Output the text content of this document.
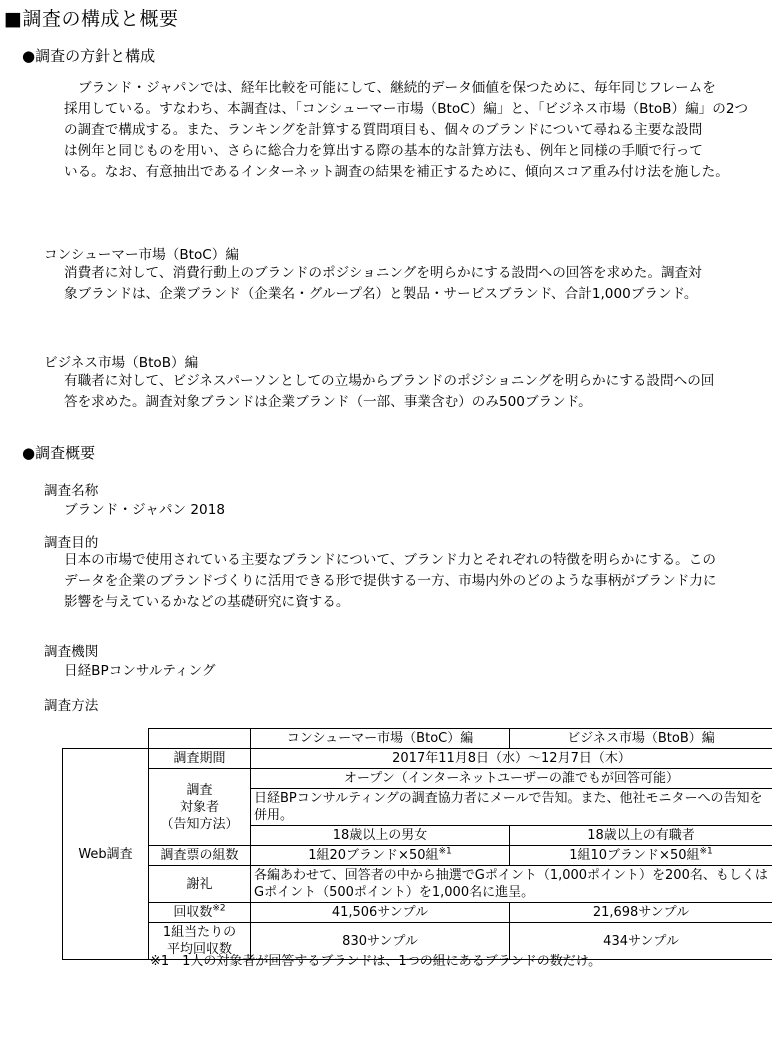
■調査の構成と概要
●調査の方針と構成
ブランド・ジャパンでは、経年比較を可能にして、継続的データ価値を保つために、毎年同じフレームを
採用している。すなわち、本調査は、「コンシューマー市場（BtoC）編」と、「ビジネス市場（BtoB）編」の2つ
の調査で構成する。また、ランキングを計算する質問項目も、個々のブランドについて尋ねる主要な設問
は例年と同じものを用い、さらに総合力を算出する際の基本的な計算方法も、例年と同様の手順で行って
いる。なお、有意抽出であるインターネット調査の結果を補正するために、傾向スコア重み付け法を施した。
コンシューマー市場（BtoC）編
消費者に対して、消費行動上のブランドのポジショニングを明らかにする設問への回答を求めた。調査対
象ブランドは、企業ブランド（企業名・グループ名）と製品・サービスブランド、合計1,000ブランド。
ビジネス市場（BtoB）編
有職者に対して、ビジネスパーソンとしての立場からブランドのポジショニングを明らかにする設問への回
答を求めた。調査対象ブランドは企業ブランド（一部、事業含む）のみ500ブランド。
●調査概要
調査名称
ブランド・ジャパン 2018
調査目的
日本の市場で使用されている主要なブランドについて、ブランド力とそれぞれの特徴を明らかにする。この
データを企業のブランドづくりに活用できる形で提供する一方、市場内外のどのような事柄がブランド力に
影響を与えているかなどの基礎研究に資する。
調査機関
日経BPコンサルティング
調査方法
		コンシューマー市場（BtoC）編	ビジネス市場（BtoB）編
Web調査	調査期間	2017年11月8日（水）～12月7日（木）	

	調査
対象者
（告知方法）	オープン（インターネットユーザーの誰でもが回答可能）	
		日経BPコンサルティングの調査協力者にメールで告知。また、他社モニターへの告知を併用。	
		18歳以上の男女	18歳以上の有職者
	調査票の組数	1組20ブランド×50組$^{※1}$	1組10ブランド×50組$^{※1}$
	謝礼	各編あわせて、回答者の中から抽選でGポイント（1,000ポイント）を200名、もしくはGポイント（500ポイント）を1,000名に進呈。	
	回収数$^{※2}$	41,506サンプル	21,698サンプル

	1組当たりの
平均回収数	830サンプル	434サンプル
※1　1人の対象者が回答するブランドは、1つの組にあるブランドの数だけ。
